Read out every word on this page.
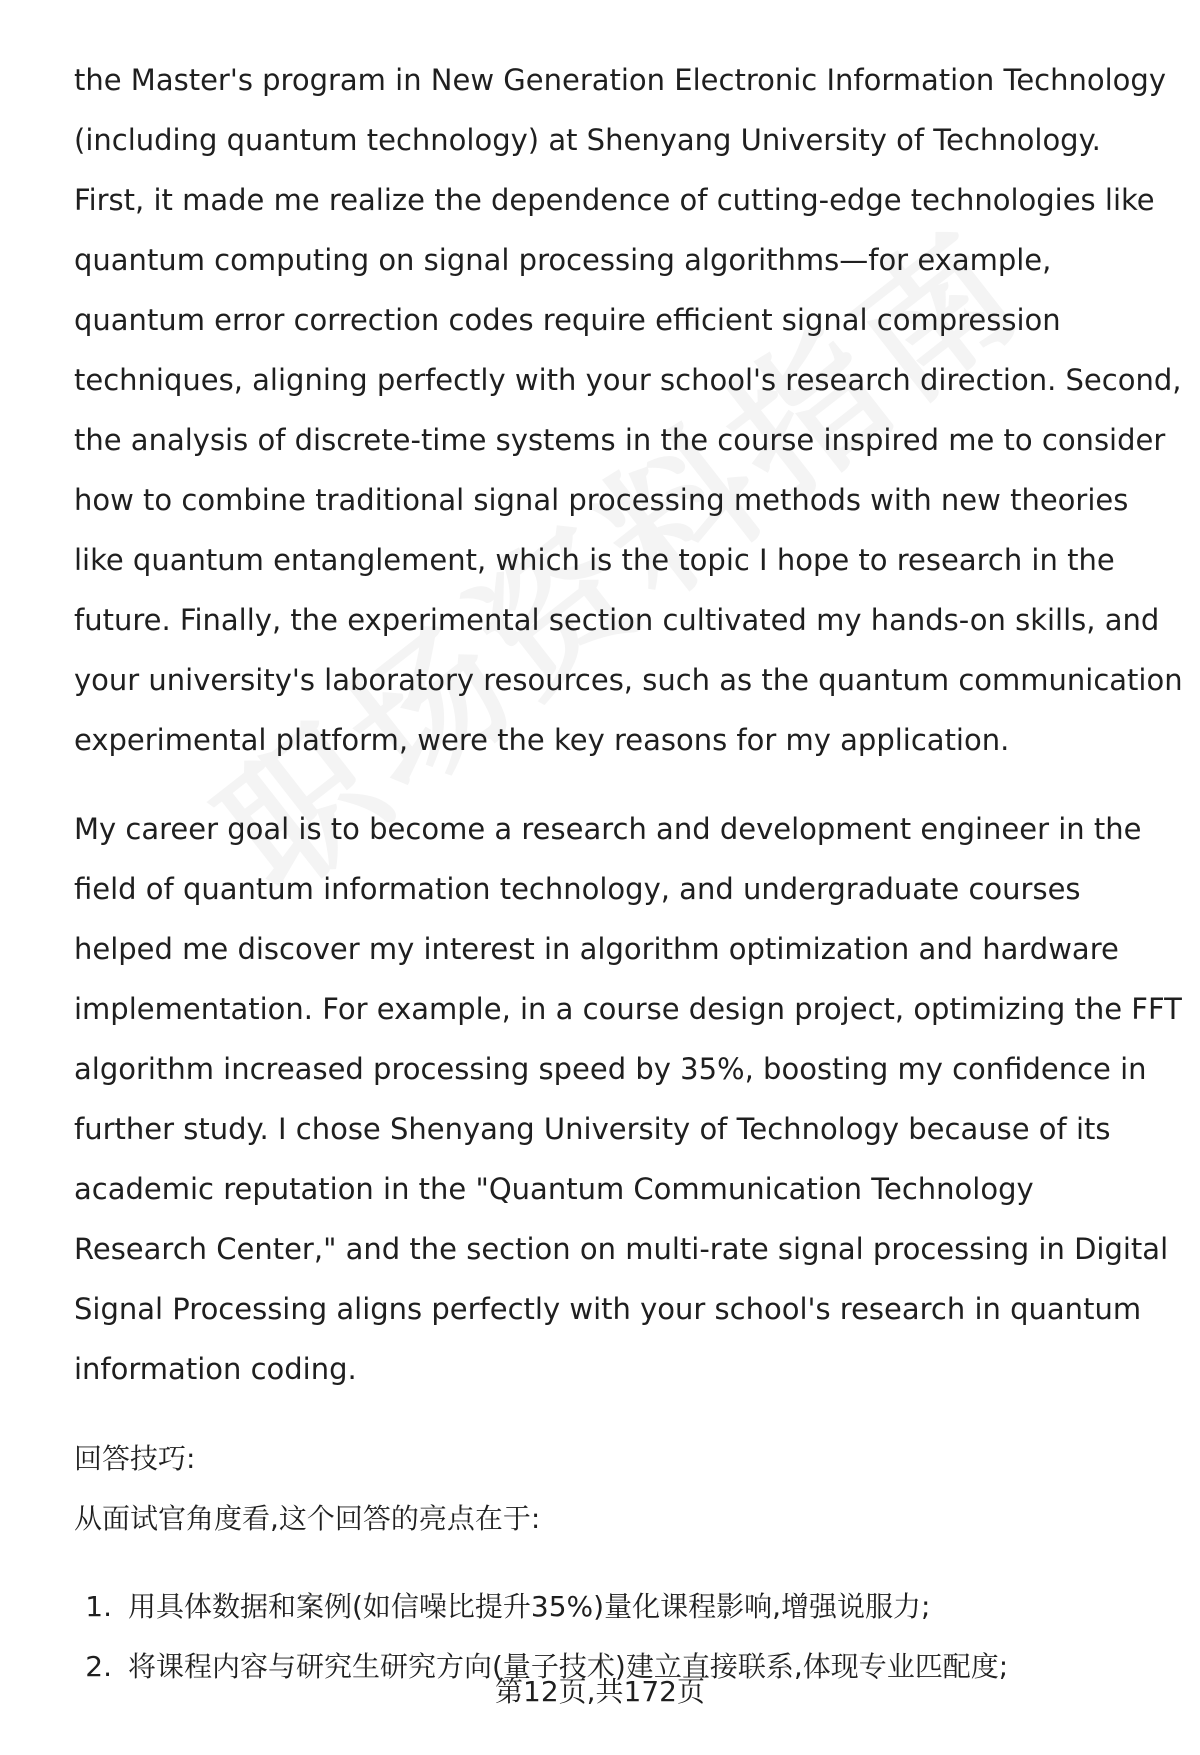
the Master's program in New Generation Electronic Information Technology
(including quantum technology) at Shenyang University of Technology.
First, it made me realize the dependence of cutting-edge technologies like
quantum computing on signal processing algorithms—for example,
quantum error correction codes require efficient signal compression
techniques, aligning perfectly with your school's research direction. Second,
the analysis of discrete-time systems in the course inspired me to consider
how to combine traditional signal processing methods with new theories
like quantum entanglement, which is the topic I hope to research in the
future. Finally, the experimental section cultivated my hands-on skills, and
your university's laboratory resources, such as the quantum communication
experimental platform, were the key reasons for my application.

My career goal is to become a research and development engineer in the
field of quantum information technology, and undergraduate courses
helped me discover my interest in algorithm optimization and hardware
implementation. For example, in a course design project, optimizing the FFT
algorithm increased processing speed by 35%, boosting my confidence in
further study. I chose Shenyang University of Technology because of its
academic reputation in the "Quantum Communication Technology
Research Center," and the section on multi-rate signal processing in Digital
Signal Processing aligns perfectly with your school's research in quantum
information coding.

回答技巧:
从面试官角度看,这个回答的亮点在于:
1. 用具体数据和案例(如信噪比提升35%)量化课程影响,增强说服力;
2. 将课程内容与研究生研究方向(量子技术)建立直接联系,体现专业匹配度;
第12页,共172页
